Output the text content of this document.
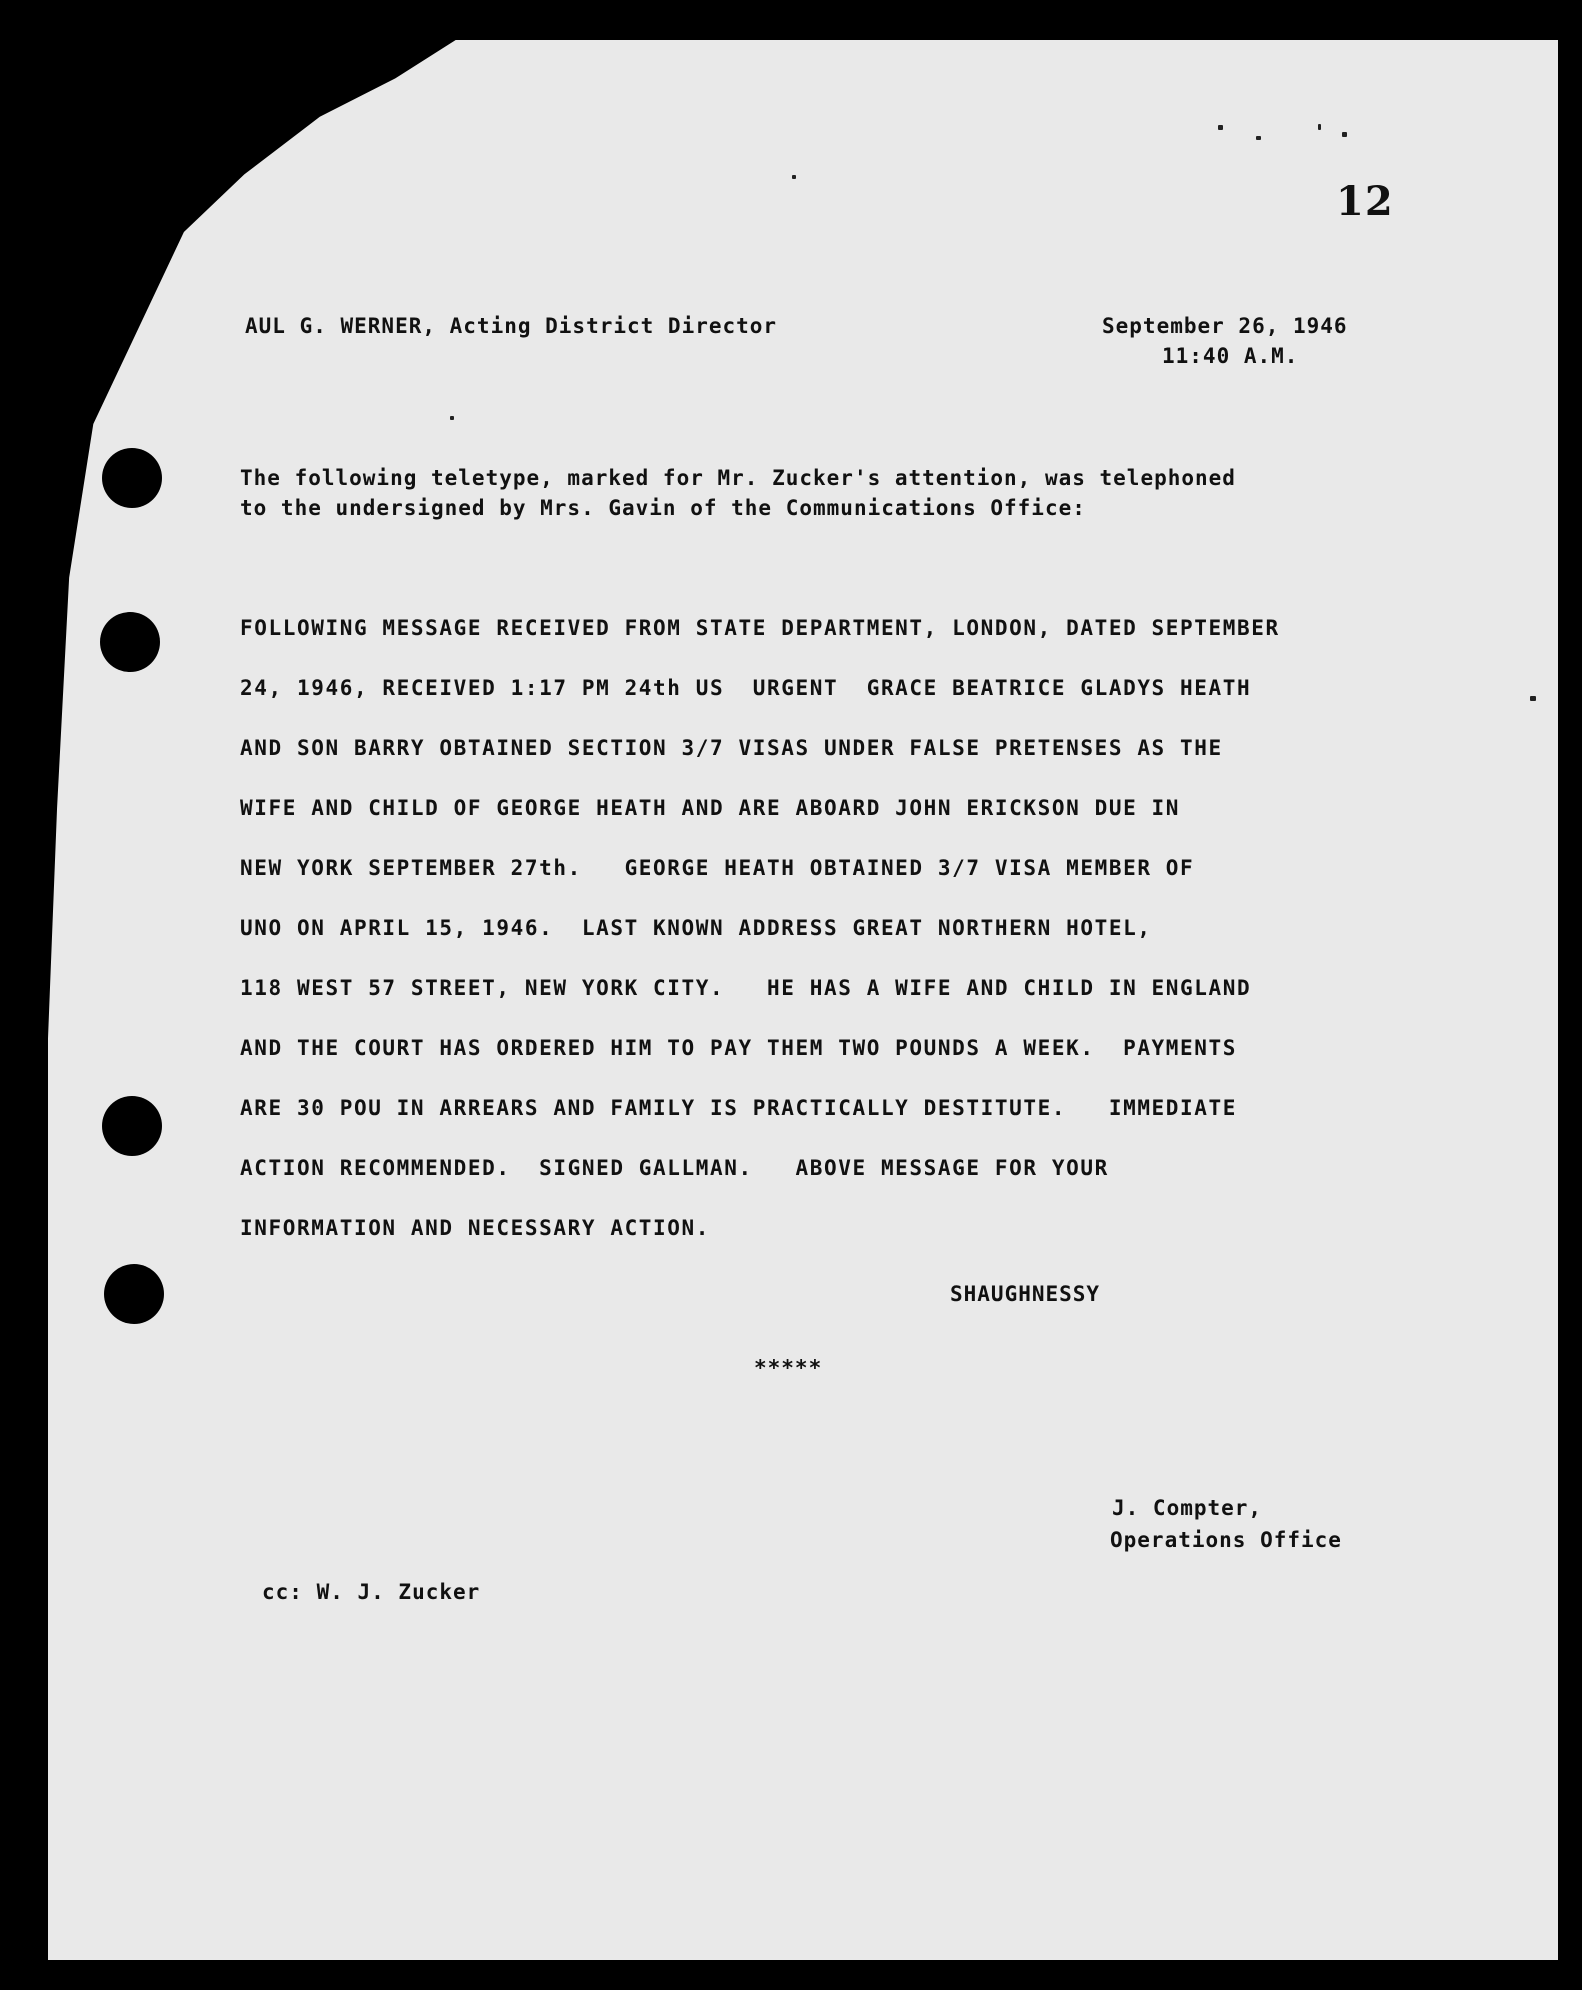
12
AUL G. WERNER, Acting District Director	September 26, 1946
11:40 A.M.
The following teletype, marked for Mr. Zucker's attention, was telephoned
to the undersigned by Mrs. Gavin of the Communications Office:
FOLLOWING MESSAGE RECEIVED FROM STATE DEPARTMENT, LONDON, DATED SEPTEMBER
24, 1946, RECEIVED 1:17 PM 24th US  URGENT  GRACE BEATRICE GLADYS HEATH
AND SON BARRY OBTAINED SECTION 3/7 VISAS UNDER FALSE PRETENSES AS THE
WIFE AND CHILD OF GEORGE HEATH AND ARE ABOARD JOHN ERICKSON DUE IN
NEW YORK SEPTEMBER 27th.   GEORGE HEATH OBTAINED 3/7 VISA MEMBER OF
UNO ON APRIL 15, 1946.  LAST KNOWN ADDRESS GREAT NORTHERN HOTEL,
118 WEST 57 STREET, NEW YORK CITY.   HE HAS A WIFE AND CHILD IN ENGLAND
AND THE COURT HAS ORDERED HIM TO PAY THEM TWO POUNDS A WEEK.  PAYMENTS
ARE 30 POU IN ARREARS AND FAMILY IS PRACTICALLY DESTITUTE.   IMMEDIATE
ACTION RECOMMENDED.  SIGNED GALLMAN.   ABOVE MESSAGE FOR YOUR
INFORMATION AND NECESSARY ACTION.
SHAUGHNESSY
*****
J. Compter,
Operations Office
cc: W. J. Zucker
